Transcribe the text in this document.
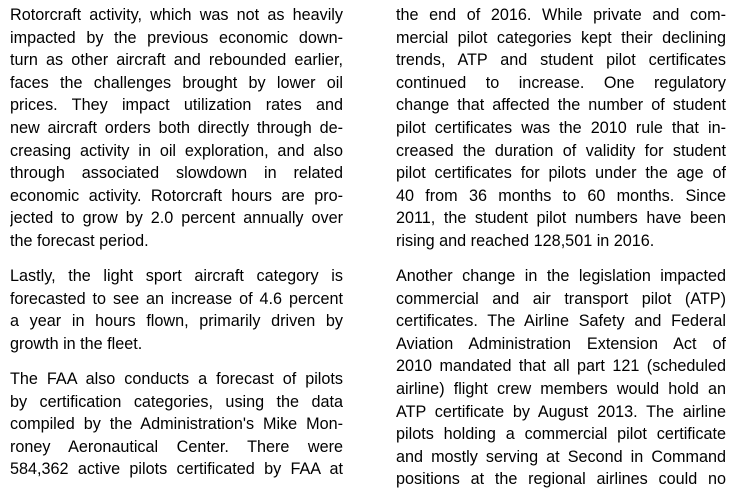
Rotorcraft activity, which was not as heavily
impacted by the previous economic down-
turn as other aircraft and rebounded earlier,
faces the challenges brought by lower oil
prices. They impact utilization rates and
new aircraft orders both directly through de-
creasing activity in oil exploration, and also
through associated slowdown in related
economic activity. Rotorcraft hours are pro-
jected to grow by 2.0 percent annually over
the forecast period.
Lastly, the light sport aircraft category is
forecasted to see an increase of 4.6 percent
a year in hours flown, primarily driven by
growth in the fleet.
The FAA also conducts a forecast of pilots
by certification categories, using the data
compiled by the Administration's Mike Mon-
roney Aeronautical Center. There were
584,362 active pilots certificated by FAA at
the end of 2016. While private and com-
mercial pilot categories kept their declining
trends, ATP and student pilot certificates
continued to increase. One regulatory
change that affected the number of student
pilot certificates was the 2010 rule that in-
creased the duration of validity for student
pilot certificates for pilots under the age of
40 from 36 months to 60 months. Since
2011, the student pilot numbers have been
rising and reached 128,501 in 2016.
Another change in the legislation impacted
commercial and air transport pilot (ATP)
certificates. The Airline Safety and Federal
Aviation Administration Extension Act of
2010 mandated that all part 121 (scheduled
airline) flight crew members would hold an
ATP certificate by August 2013. The airline
pilots holding a commercial pilot certificate
and mostly serving at Second in Command
positions at the regional airlines could no
